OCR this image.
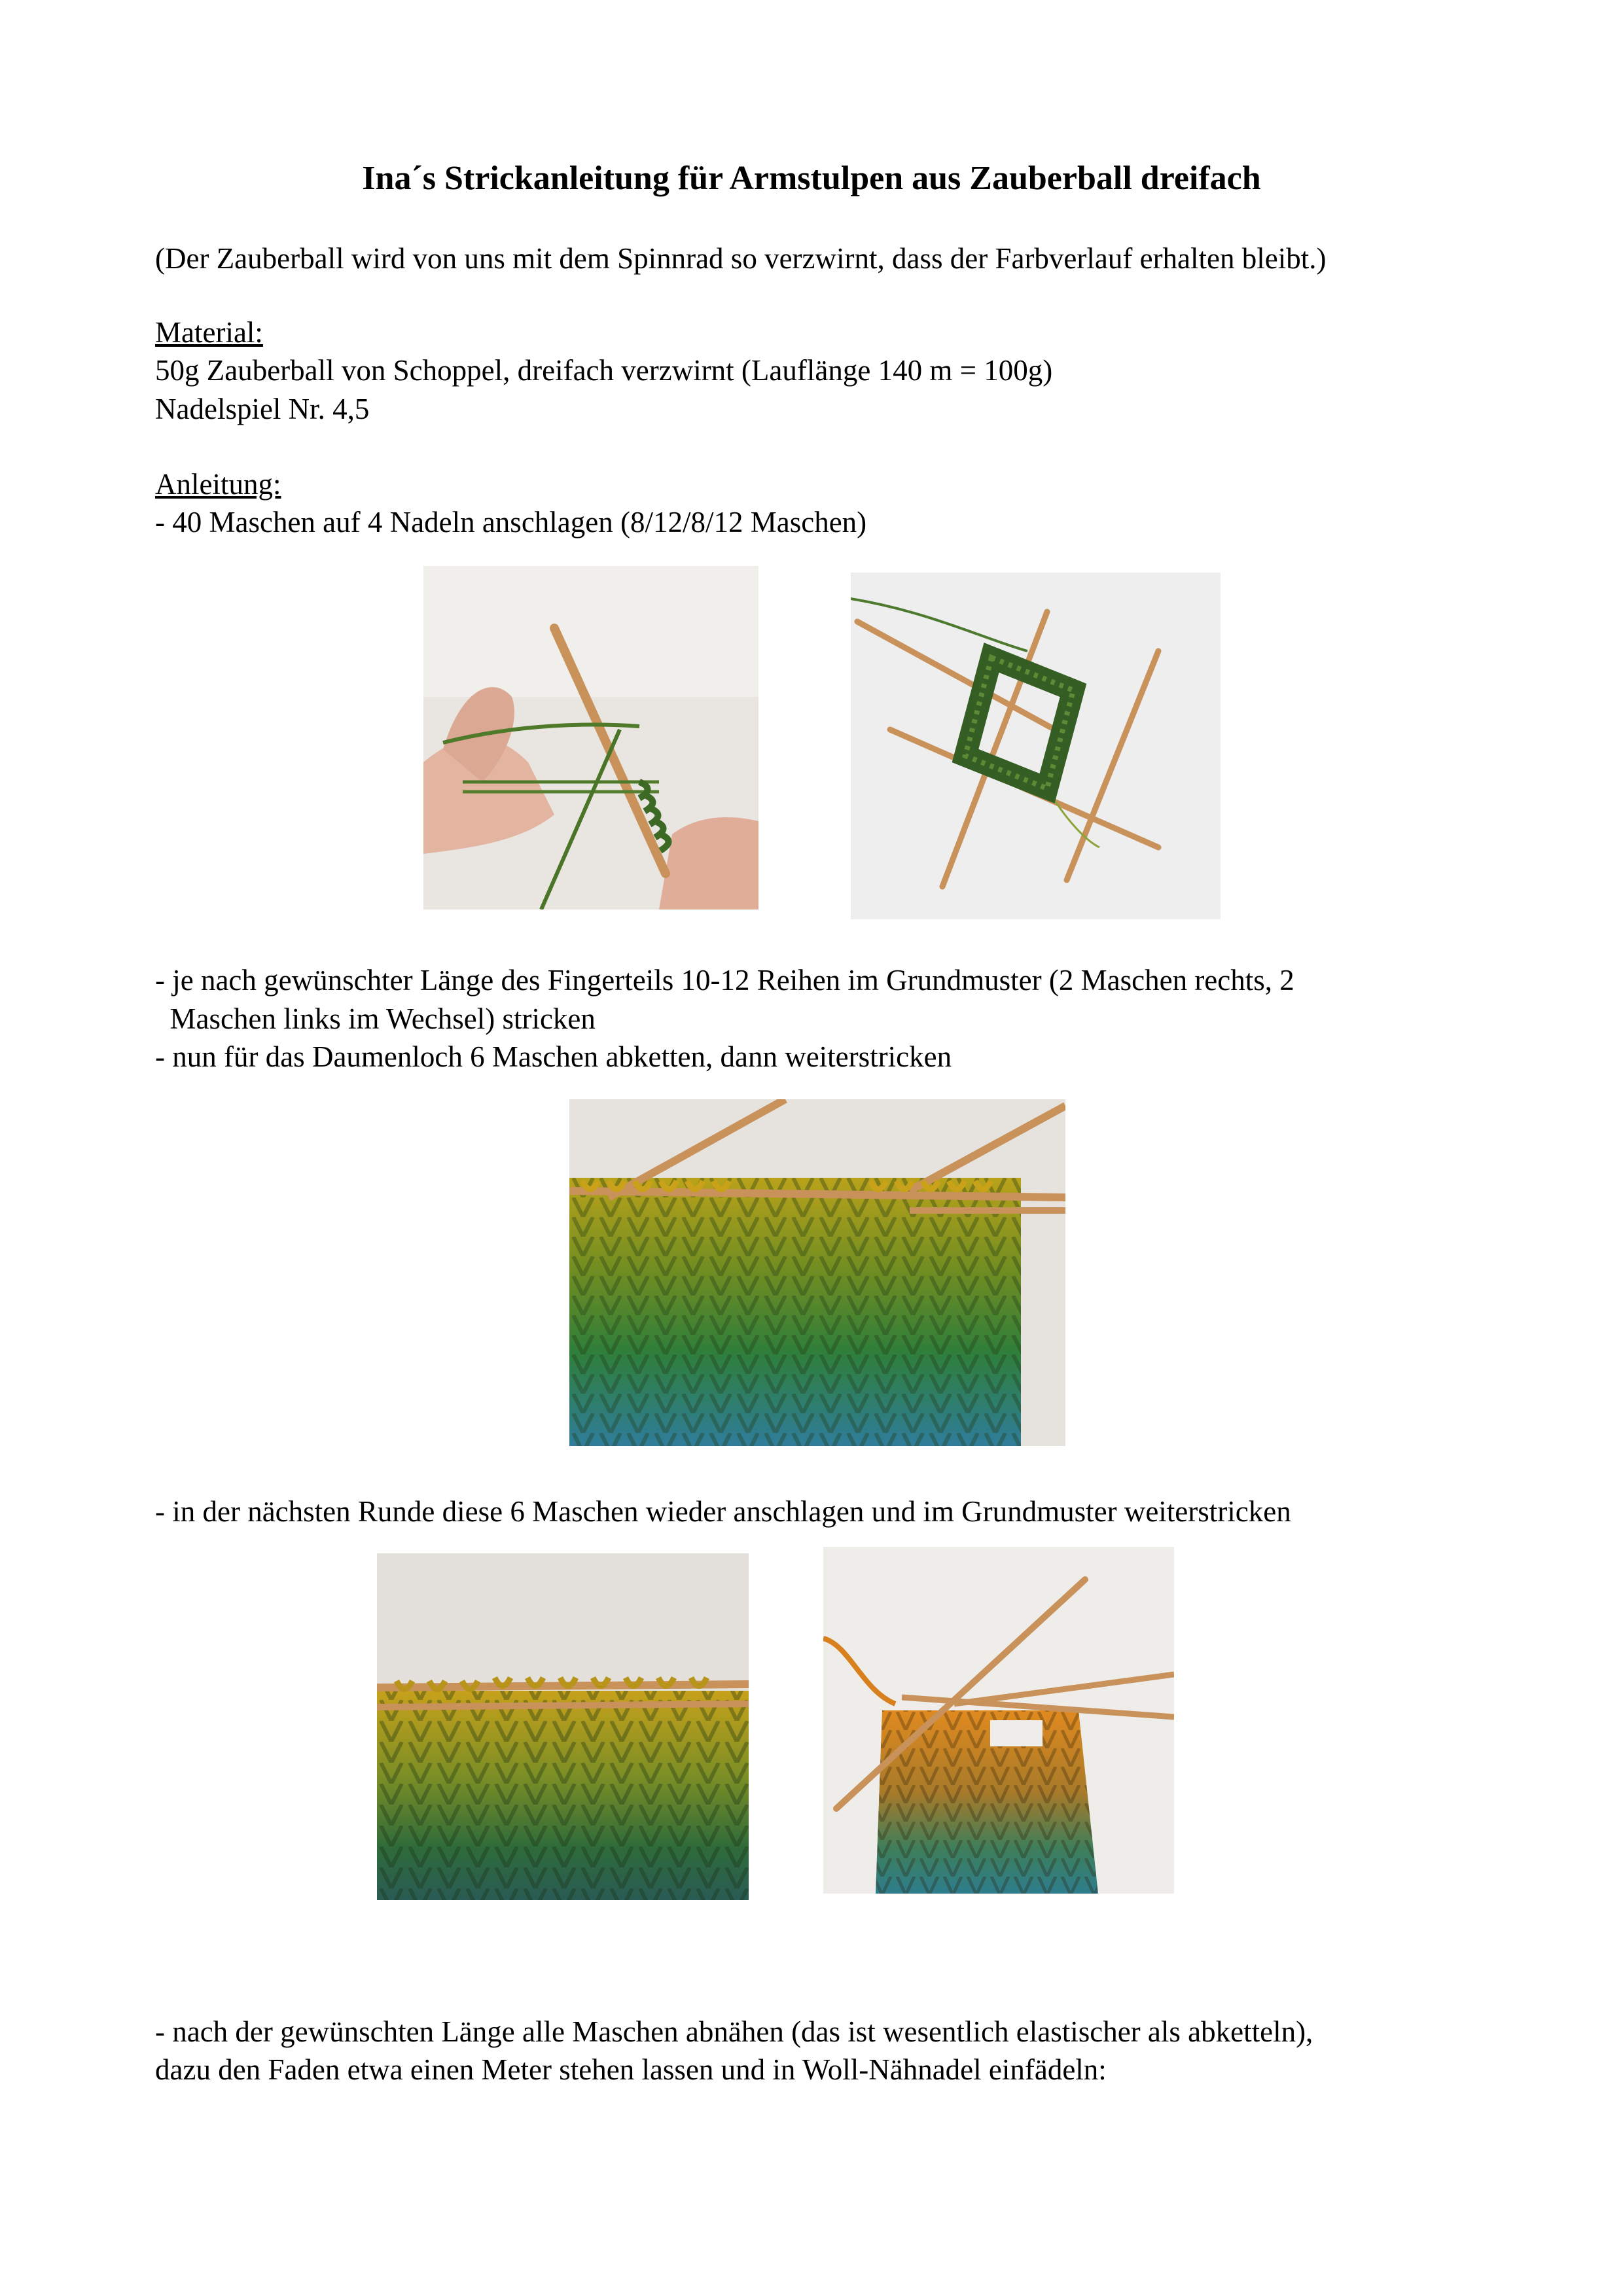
Ina´s Strickanleitung für Armstulpen aus Zauberball dreifach
(Der Zauberball wird von uns mit dem Spinnrad so verzwirnt, dass der Farbverlauf erhalten bleibt.)
Material:
50g Zauberball von Schoppel, dreifach verzwirnt (Lauflänge 140 m = 100g)
Nadelspiel Nr. 4,5
Anleitung:
- 40 Maschen auf 4 Nadeln anschlagen (8/12/8/12 Maschen)
- je nach gewünschter Länge des Fingerteils 10-12 Reihen im Grundmuster (2 Maschen rechts, 2
Maschen links im Wechsel) stricken
- nun für das Daumenloch 6 Maschen abketten, dann weiterstricken
- in der nächsten Runde diese 6 Maschen wieder anschlagen und im Grundmuster weiterstricken
- nach der gewünschten Länge alle Maschen abnähen (das ist wesentlich elastischer als abketteln),
dazu den Faden etwa einen Meter stehen lassen und in Woll-Nähnadel einfädeln:
